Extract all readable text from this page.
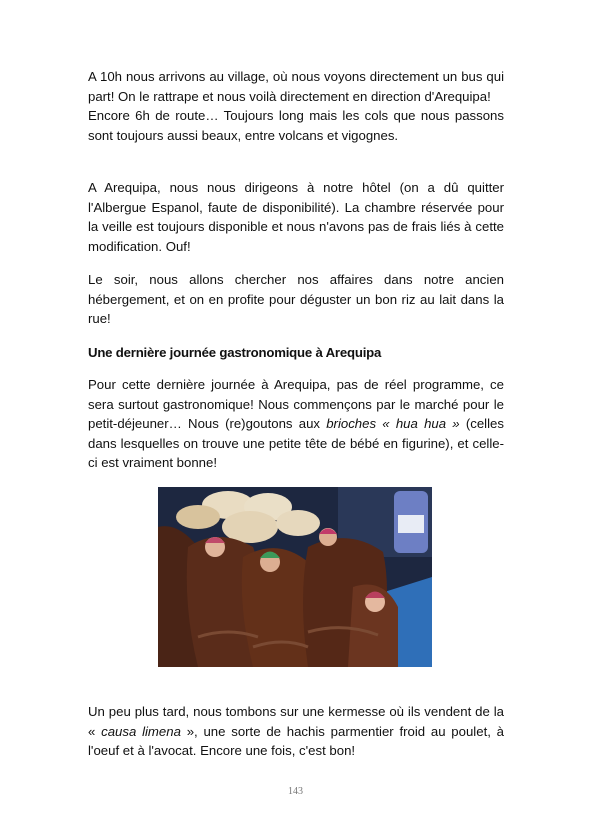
A 10h nous arrivons au village, où nous voyons directement un bus qui part! On le rattrape et nous voilà directement en direction d'Arequipa!
Encore 6h de route… Toujours long mais les cols que nous passons sont toujours aussi beaux, entre volcans et vigognes.

A Arequipa, nous nous dirigeons à notre hôtel (on a dû quitter l'Albergue Espanol, faute de disponibilité). La chambre réservée pour la veille est toujours disponible et nous n'avons pas de frais liés à cette modification. Ouf!

Le soir, nous allons chercher nos affaires dans notre ancien hébergement, et on en profite pour déguster un bon riz au lait dans la rue!

Une dernière journée gastronomique à Arequipa

Pour cette dernière journée à Arequipa, pas de réel programme, ce sera surtout gastronomique! Nous commençons par le marché pour le petit-déjeuner… Nous (re)goutons aux brioches « hua hua » (celles dans lesquelles on trouve une petite tête de bébé en figurine), et celle-ci est vraiment bonne!

Un peu plus tard, nous tombons sur une kermesse où ils vendent de la « causa limena », une sorte de hachis parmentier froid au poulet, à l'oeuf et à l'avocat. Encore une fois, c'est bon!

143
